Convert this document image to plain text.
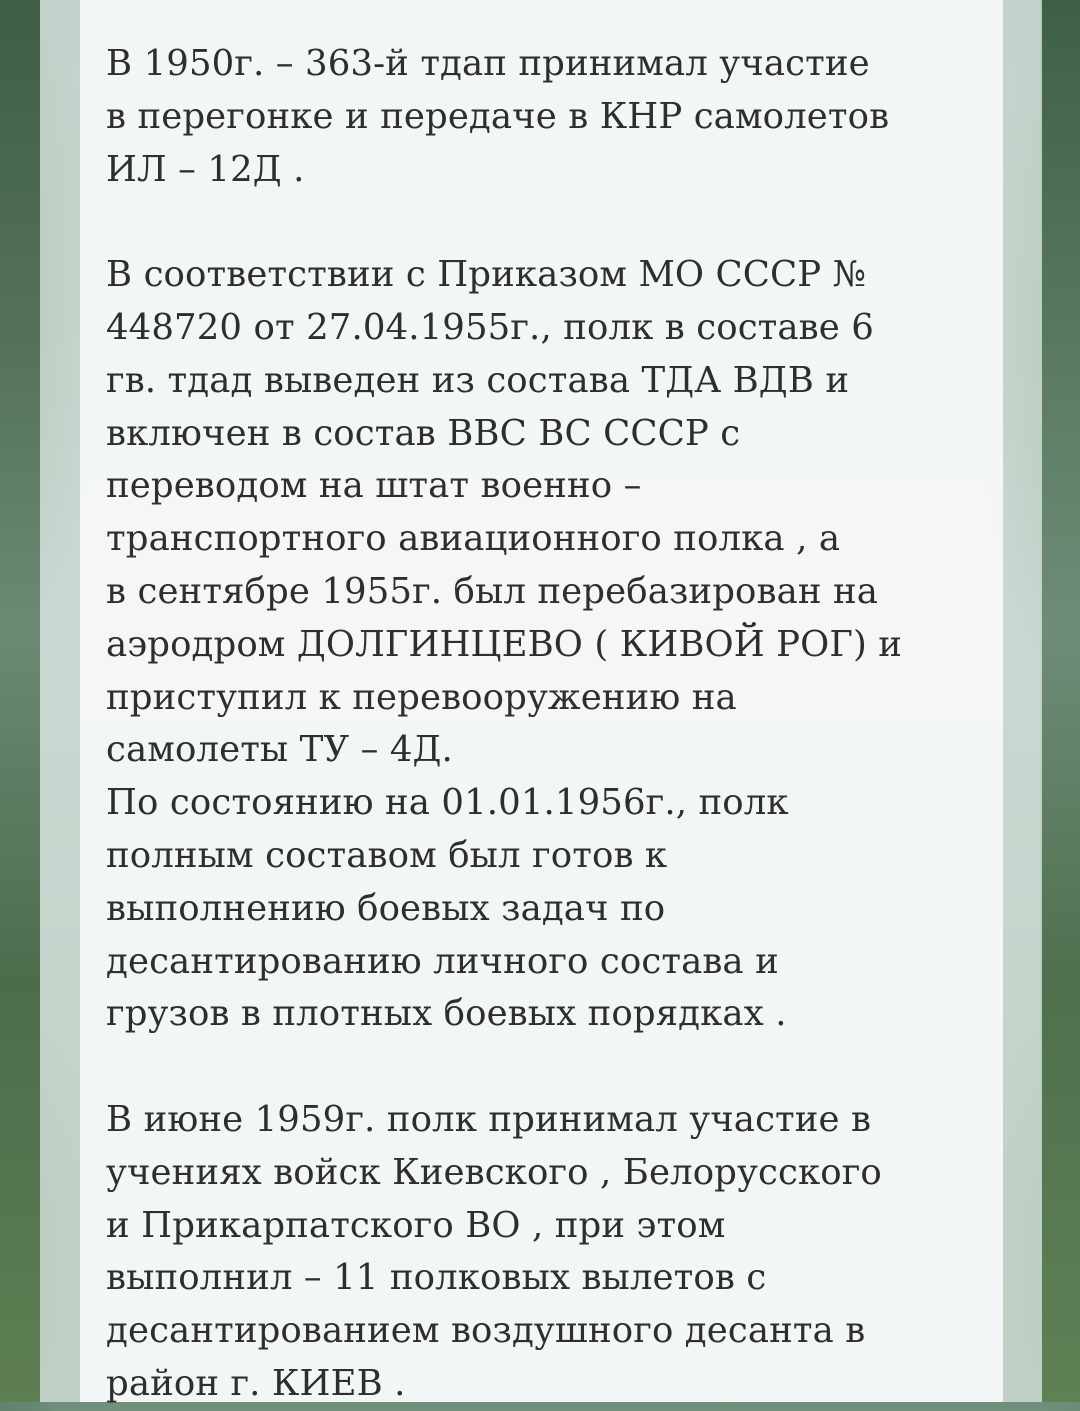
В 1950г. – 363-й тдап принимал участие
в перегонке и передаче в КНР самолетов
ИЛ – 12Д .

В соответствии с Приказом МО СССР №
448720 от 27.04.1955г., полк в составе 6
гв. тдад выведен из состава ТДА ВДВ и
включен в состав ВВС ВС СССР с
переводом на штат военно –
транспортного авиационного полка , а
в сентябре 1955г. был перебазирован на
аэродром ДОЛГИНЦЕВО ( КИВОЙ РОГ) и
приступил к перевооружению на
самолеты ТУ – 4Д.

По состоянию на 01.01.1956г., полк
полным составом был готов к
выполнению боевых задач по
десантированию личного состава и
грузов в плотных боевых порядках .

В июне 1959г. полк принимал участие в
учениях войск Киевского , Белорусского
и Прикарпатского ВО , при этом
выполнил – 11 полковых вылетов с
десантированием воздушного десанта в
район г. КИЕВ .
